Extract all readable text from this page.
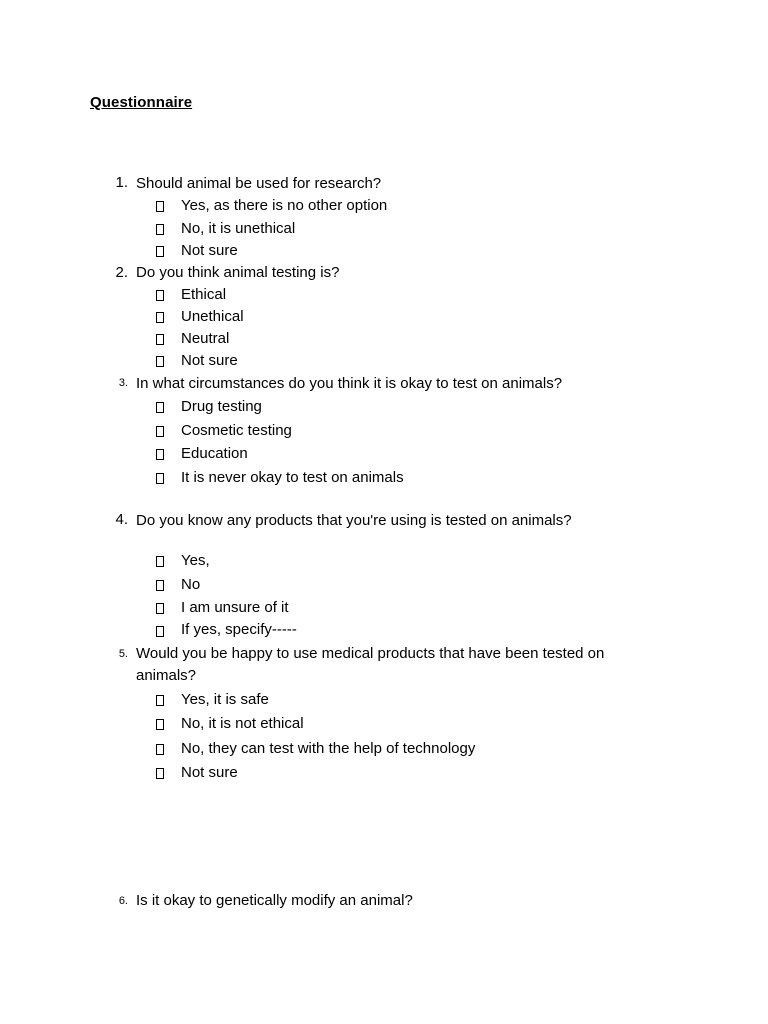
Questionnaire
1. Should animal be used for research?
Yes, as there is no other option
No, it is unethical
Not sure
2. Do you think animal testing is?
Ethical
Unethical
Neutral
Not sure
3. In what circumstances do you think it is okay to test on animals?
Drug testing
Cosmetic testing
Education
It is never okay to test on animals
4. Do you know any products that you're using is tested on animals?
Yes,
No
I am unsure of it
If yes, specify-----
5. Would you be happy to use medical products that have been tested on animals?
Yes, it is safe
No, it is not ethical
No, they can test with the help of technology
Not sure
6. Is it okay to genetically modify an animal?
